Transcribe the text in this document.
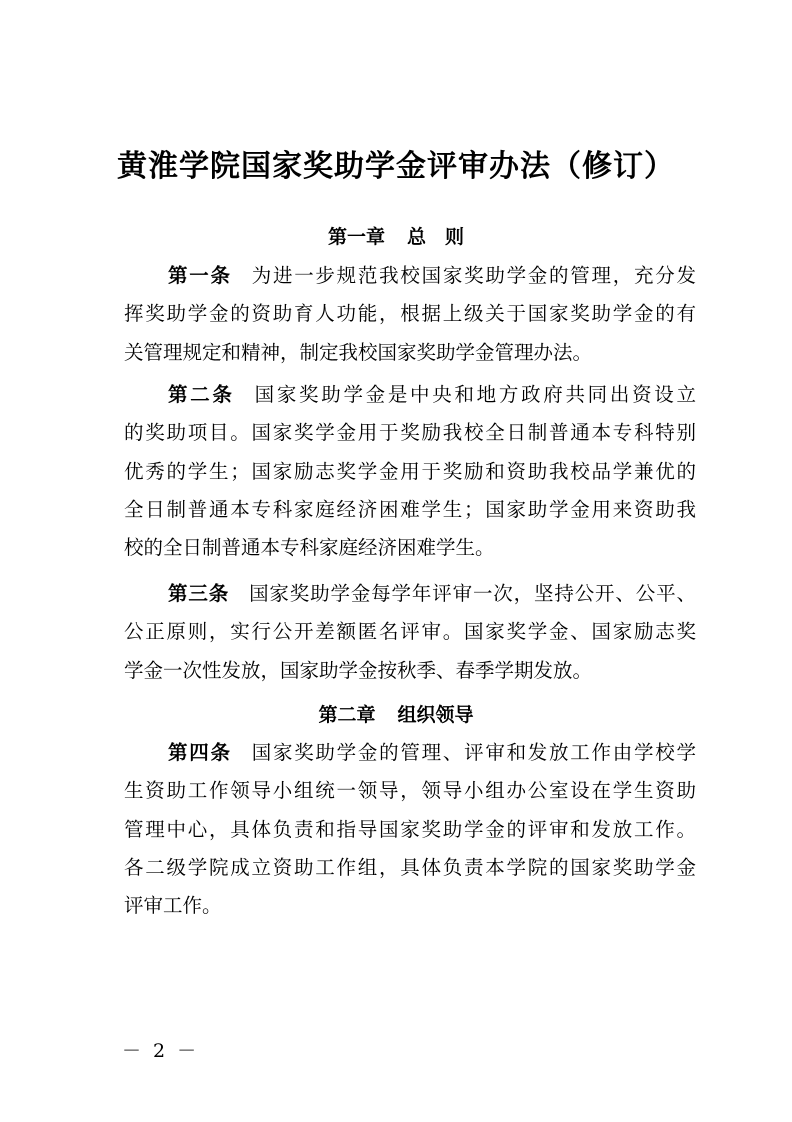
黄淮学院国家奖助学金评审办法（修订）
第一章 总　则
第一条 为进一步规范我校国家奖助学金的管理，充分发
挥奖助学金的资助育人功能，根据上级关于国家奖助学金的有
关管理规定和精神，制定我校国家奖助学金管理办法。
第二条 国家奖助学金是中央和地方政府共同出资设立
的奖助项目。国家奖学金用于奖励我校全日制普通本专科特别
优秀的学生；国家励志奖学金用于奖励和资助我校品学兼优的
全日制普通本专科家庭经济困难学生；国家助学金用来资助我
校的全日制普通本专科家庭经济困难学生。
第三条 国家奖助学金每学年评审一次，坚持公开、公平、
公正原则，实行公开差额匿名评审。国家奖学金、国家励志奖
学金一次性发放，国家助学金按秋季、春季学期发放。
第二章 组织领导
第四条 国家奖助学金的管理、评审和发放工作由学校学
生资助工作领导小组统一领导，领导小组办公室设在学生资助
管理中心，具体负责和指导国家奖助学金的评审和发放工作。
各二级学院成立资助工作组，具体负责本学院的国家奖助学金
评审工作。
－ 2 －
